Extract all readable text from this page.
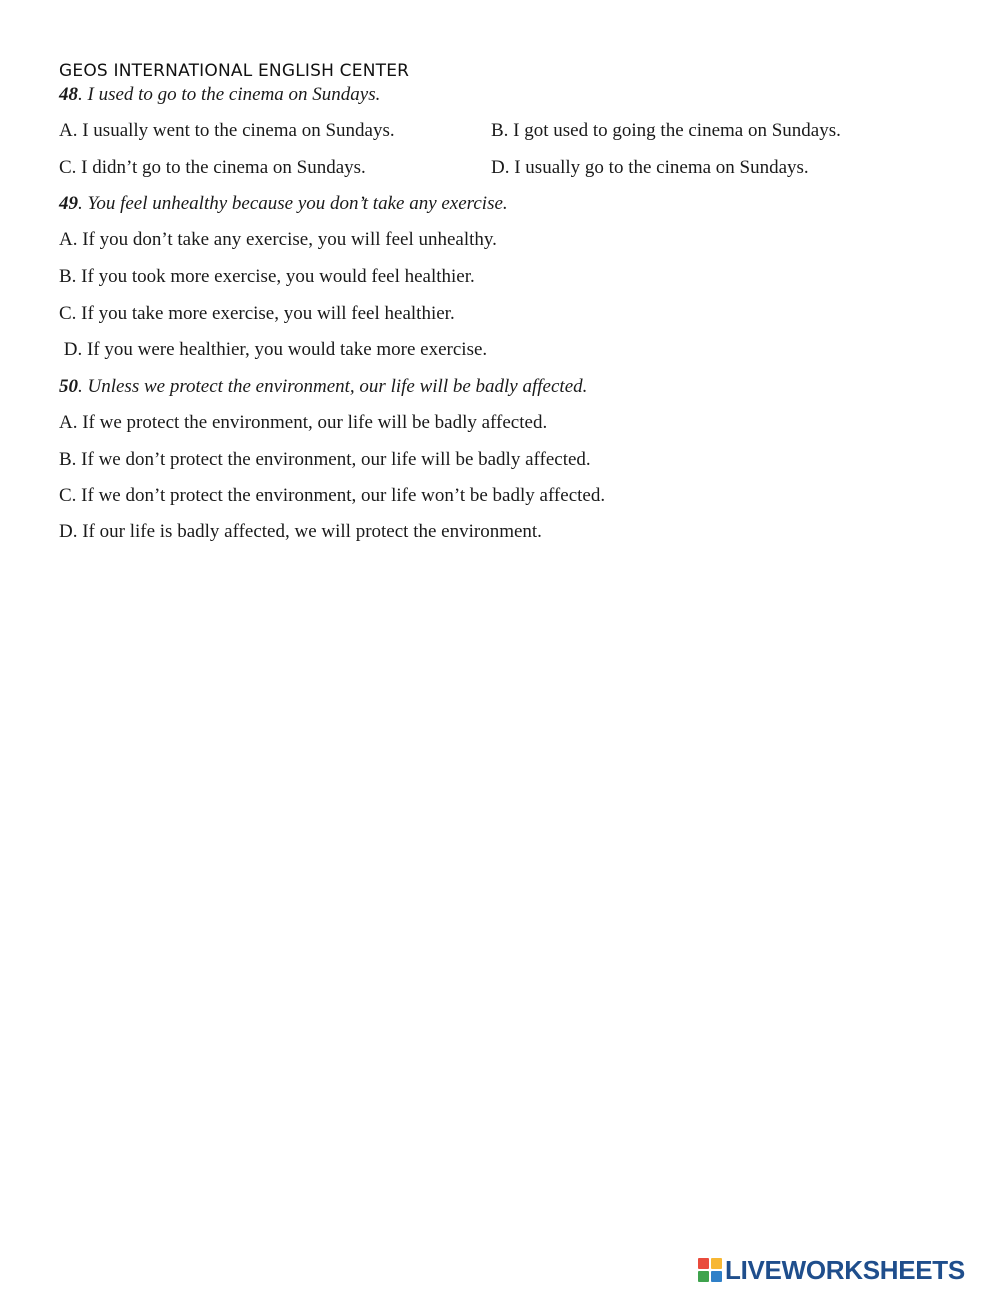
GEOS INTERNATIONAL ENGLISH CENTER
48. I used to go to the cinema on Sundays.
A. I usually went to the cinema on Sundays.	B. I got used to going the cinema on Sundays.
C. I didn’t go to the cinema on Sundays.	D. I usually go to the cinema on Sundays.
49. You feel unhealthy because you don’t take any exercise.
A. If you don’t take any exercise, you will feel unhealthy.
B. If you took more exercise, you would feel healthier.
C. If you take more exercise, you will feel healthier.
D. If you were healthier, you would take more exercise.
50. Unless we protect the environment, our life will be badly affected.
A. If we protect the environment, our life will be badly affected.
B. If we don’t protect the environment, our life will be badly affected.
C. If we don’t protect the environment, our life won’t be badly affected.
D. If our life is badly affected, we will protect the environment.
LIVEWORKSHEETS
